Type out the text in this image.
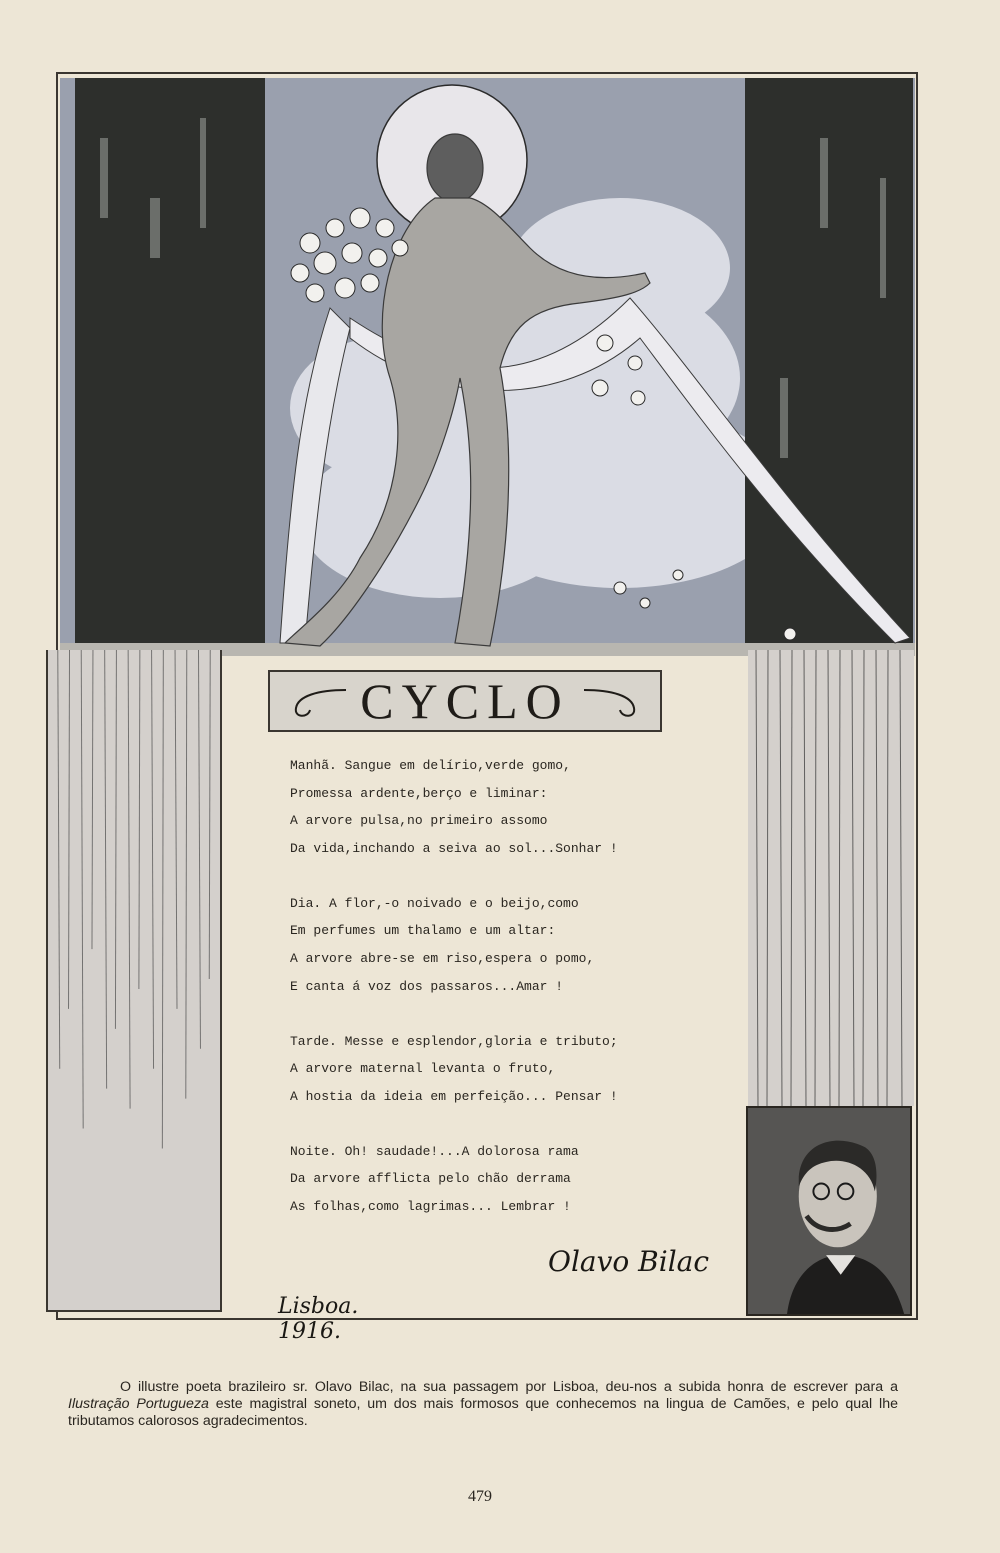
CYCLO
Manhã. Sangue em delírio,verde gomo,
Promessa ardente,berço e liminar:
A arvore pulsa,no primeiro assomo
Da vida,inchando a seiva ao sol...Sonhar !
Dia. A flor,-o noivado e o beijo,como
Em perfumes um thalamo e um altar:
A arvore abre-se em riso,espera o pomo,
E canta á voz dos passaros...Amar !
Tarde. Messe e esplendor,gloria e tributo;
A arvore maternal levanta o fruto,
A hostia da ideia em perfeição... Pensar !
Noite. Oh! saudade!...A dolorosa rama
Da arvore afflicta pelo chão derrama
As folhas,como lagrimas... Lembrar !
Olavo Bilac
Lisboa. 1916.
O illustre poeta brazileiro sr. Olavo Bilac, na sua passagem por Lisboa, deu-nos a subida honra de escrever para a Ilustração Portugueza este magistral soneto, um dos mais formosos que conhecemos na lingua de Camões, e pelo qual lhe tributamos calorosos agradecimentos.
479
